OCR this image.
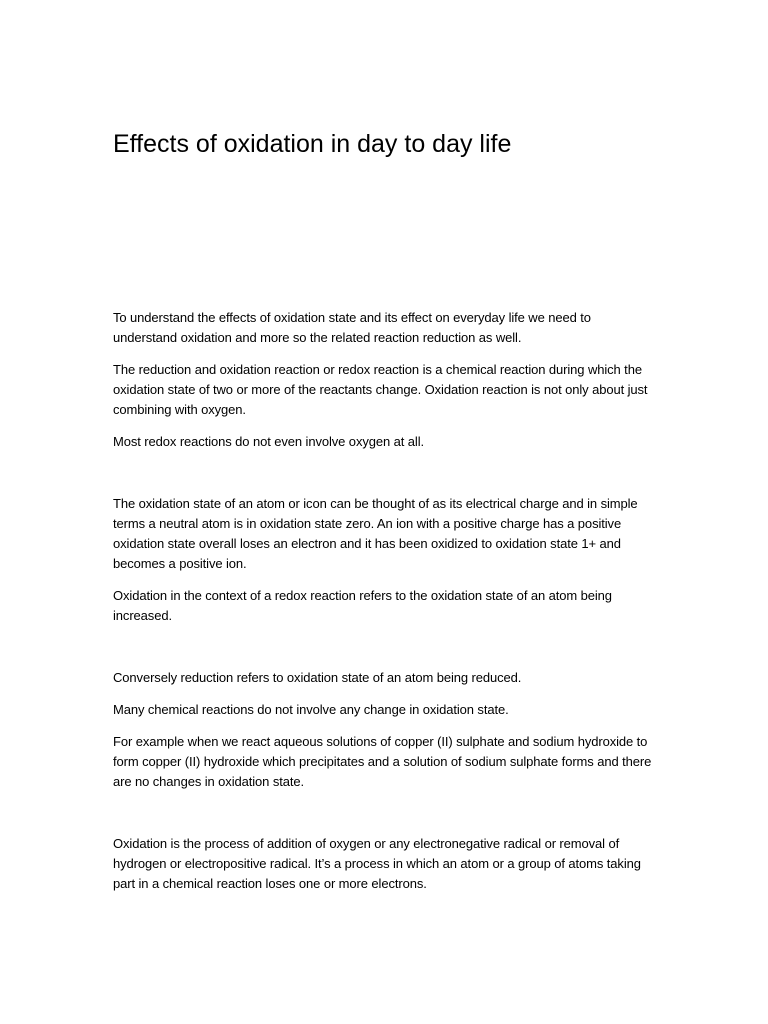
Effects of oxidation in day to day life

To understand the effects of oxidation state and its effect on everyday life we need to understand oxidation and more so the related reaction reduction as well.

The reduction and oxidation reaction or redox reaction is a chemical reaction during which the oxidation state of two or more of the reactants change. Oxidation reaction is not only about just combining with oxygen.

Most redox reactions do not even involve oxygen at all.

The oxidation state of an atom or icon can be thought of as its electrical charge and in simple terms a neutral atom is in oxidation state zero. An ion with a positive charge has a positive oxidation state overall loses an electron and it has been oxidized to oxidation state 1+ and becomes a positive ion.

Oxidation in the context of a redox reaction refers to the oxidation state of an atom being increased.

Conversely reduction refers to oxidation state of an atom being reduced.

Many chemical reactions do not involve any change in oxidation state.

For example when we react aqueous solutions of copper (II) sulphate and sodium hydroxide to form copper (II) hydroxide which precipitates and a solution of sodium sulphate forms and there are no changes in oxidation state.

Oxidation is the process of addition of oxygen or any electronegative radical or removal of hydrogen or electropositive radical. It’s a process in which an atom or a group of atoms taking part in a chemical reaction loses one or more electrons.
